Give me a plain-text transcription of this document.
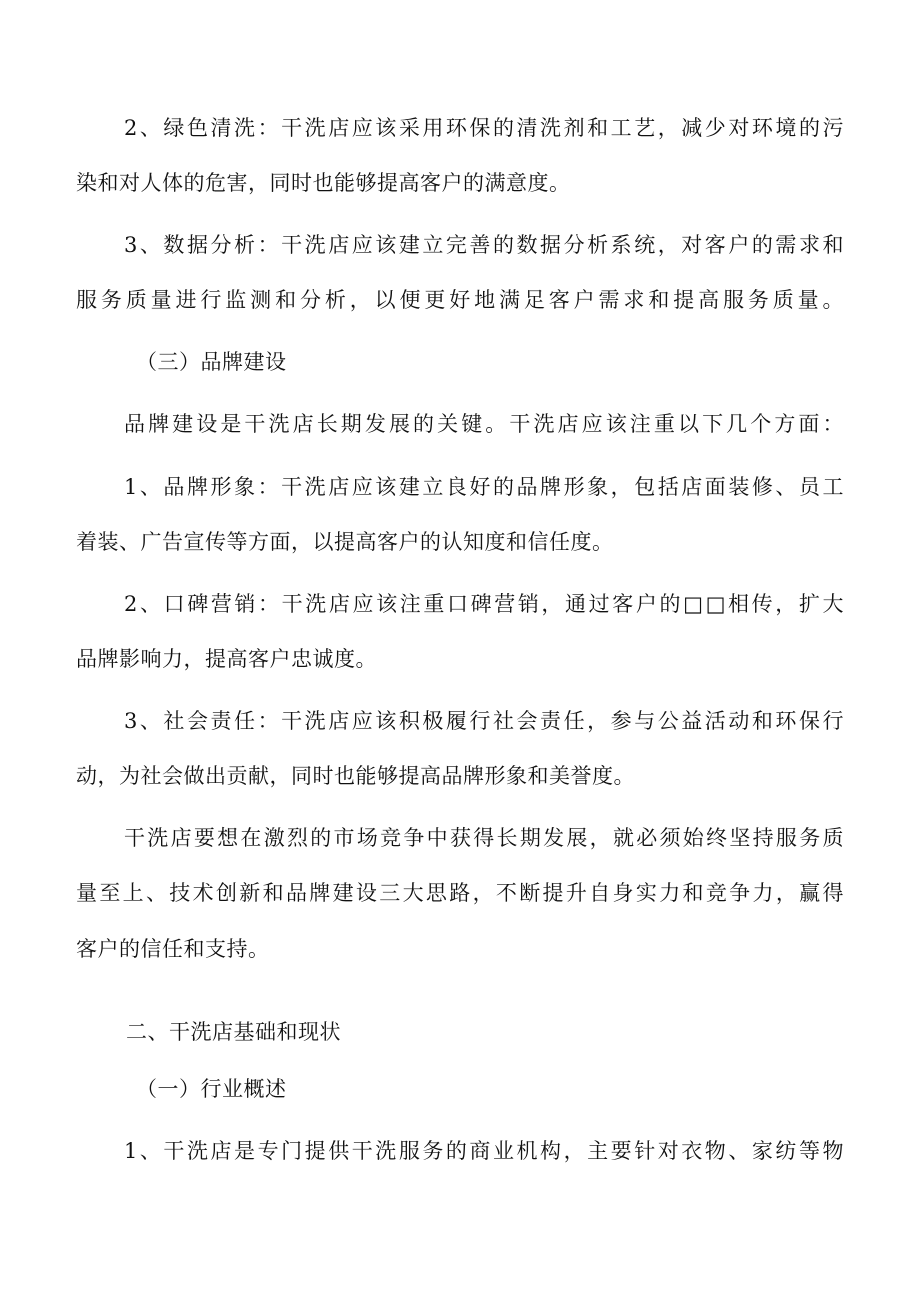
2、绿色清洗：干洗店应该采用环保的清洗剂和工艺，减少对环境的污
染和对人体的危害，同时也能够提高客户的满意度。
3、数据分析：干洗店应该建立完善的数据分析系统，对客户的需求和
服务质量进行监测和分析，以便更好地满足客户需求和提高服务质量。
（三）品牌建设
品牌建设是干洗店长期发展的关键。干洗店应该注重以下几个方面：
1、品牌形象：干洗店应该建立良好的品牌形象，包括店面装修、员工
着装、广告宣传等方面，以提高客户的认知度和信任度。
2、口碑营销：干洗店应该注重口碑营销，通过客户的□□相传，扩大
品牌影响力，提高客户忠诚度。
3、社会责任：干洗店应该积极履行社会责任，参与公益活动和环保行
动，为社会做出贡献，同时也能够提高品牌形象和美誉度。
干洗店要想在激烈的市场竞争中获得长期发展，就必须始终坚持服务质
量至上、技术创新和品牌建设三大思路，不断提升自身实力和竞争力，赢得
客户的信任和支持。
二、干洗店基础和现状
（一）行业概述
1、干洗店是专门提供干洗服务的商业机构，主要针对衣物、家纺等物
